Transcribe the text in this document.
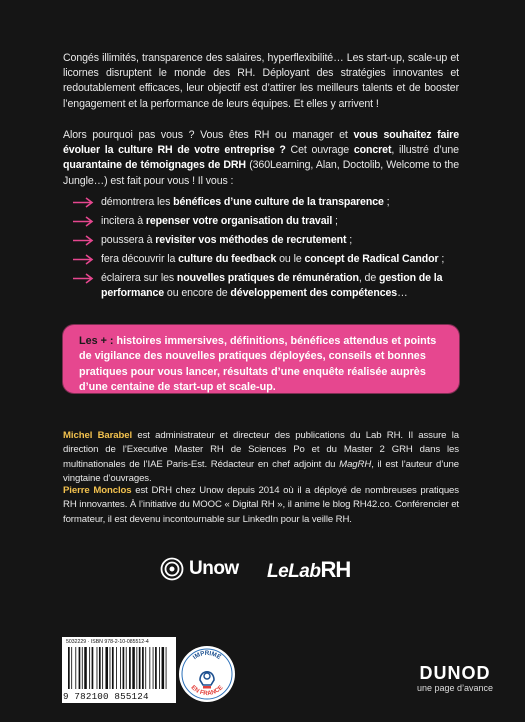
Congés illimités, transparence des salaires, hyperflexibilité… Les start-up, scale-up et licornes disruptent le monde des RH. Déployant des stratégies innovantes et redoutablement efficaces, leur objectif est d’attirer les meilleurs talents et de booster l’engagement et la performance de leurs équipes. Et elles y arrivent !

Alors pourquoi pas vous ? Vous êtes RH ou manager et vous souhaitez faire évoluer la culture RH de votre entreprise ? Cet ouvrage concret, illustré d’une quarantaine de témoignages de DRH (360Learning, Alan, Doctolib, Welcome to the Jungle…) est fait pour vous ! Il vous :

démontrera les bénéfices d’une culture de la transparence ;
incitera à repenser votre organisation du travail ;
poussera à revisiter vos méthodes de recrutement ;
fera découvrir la culture du feedback ou le concept de Radical Candor ;
éclairera sur les nouvelles pratiques de rémunération, de gestion de la performance ou encore de développement des compétences…

Les + : histoires immersives, définitions, bénéfices attendus et points de vigilance des nouvelles pratiques déployées, conseils et bonnes pratiques pour vous lancer, résultats d’une enquête réalisée auprès d’une centaine de start-up et scale-up.

Michel Barabel est administrateur et directeur des publications du Lab RH. Il assure la direction de l’Executive Master RH de Sciences Po et du Master 2 GRH dans les multinationales de l’IAE Paris-Est. Rédacteur en chef adjoint du MagRH, il est l’auteur d’une vingtaine d’ouvrages.

Pierre Monclos est DRH chez Unow depuis 2014 où il a déployé de nombreuses pratiques RH innovantes. À l’initiative du MOOC « Digital RH », il anime le blog RH42.co. Conférencier et formateur, il est devenu incontournable sur LinkedIn pour la veille RH.

Unow LeLabRH
5032229 · ISBN 978-2-10-085512-4
9 782100 855124
IMPRIMÉ
EN FRANCE
DUNOD
une page d’avance
